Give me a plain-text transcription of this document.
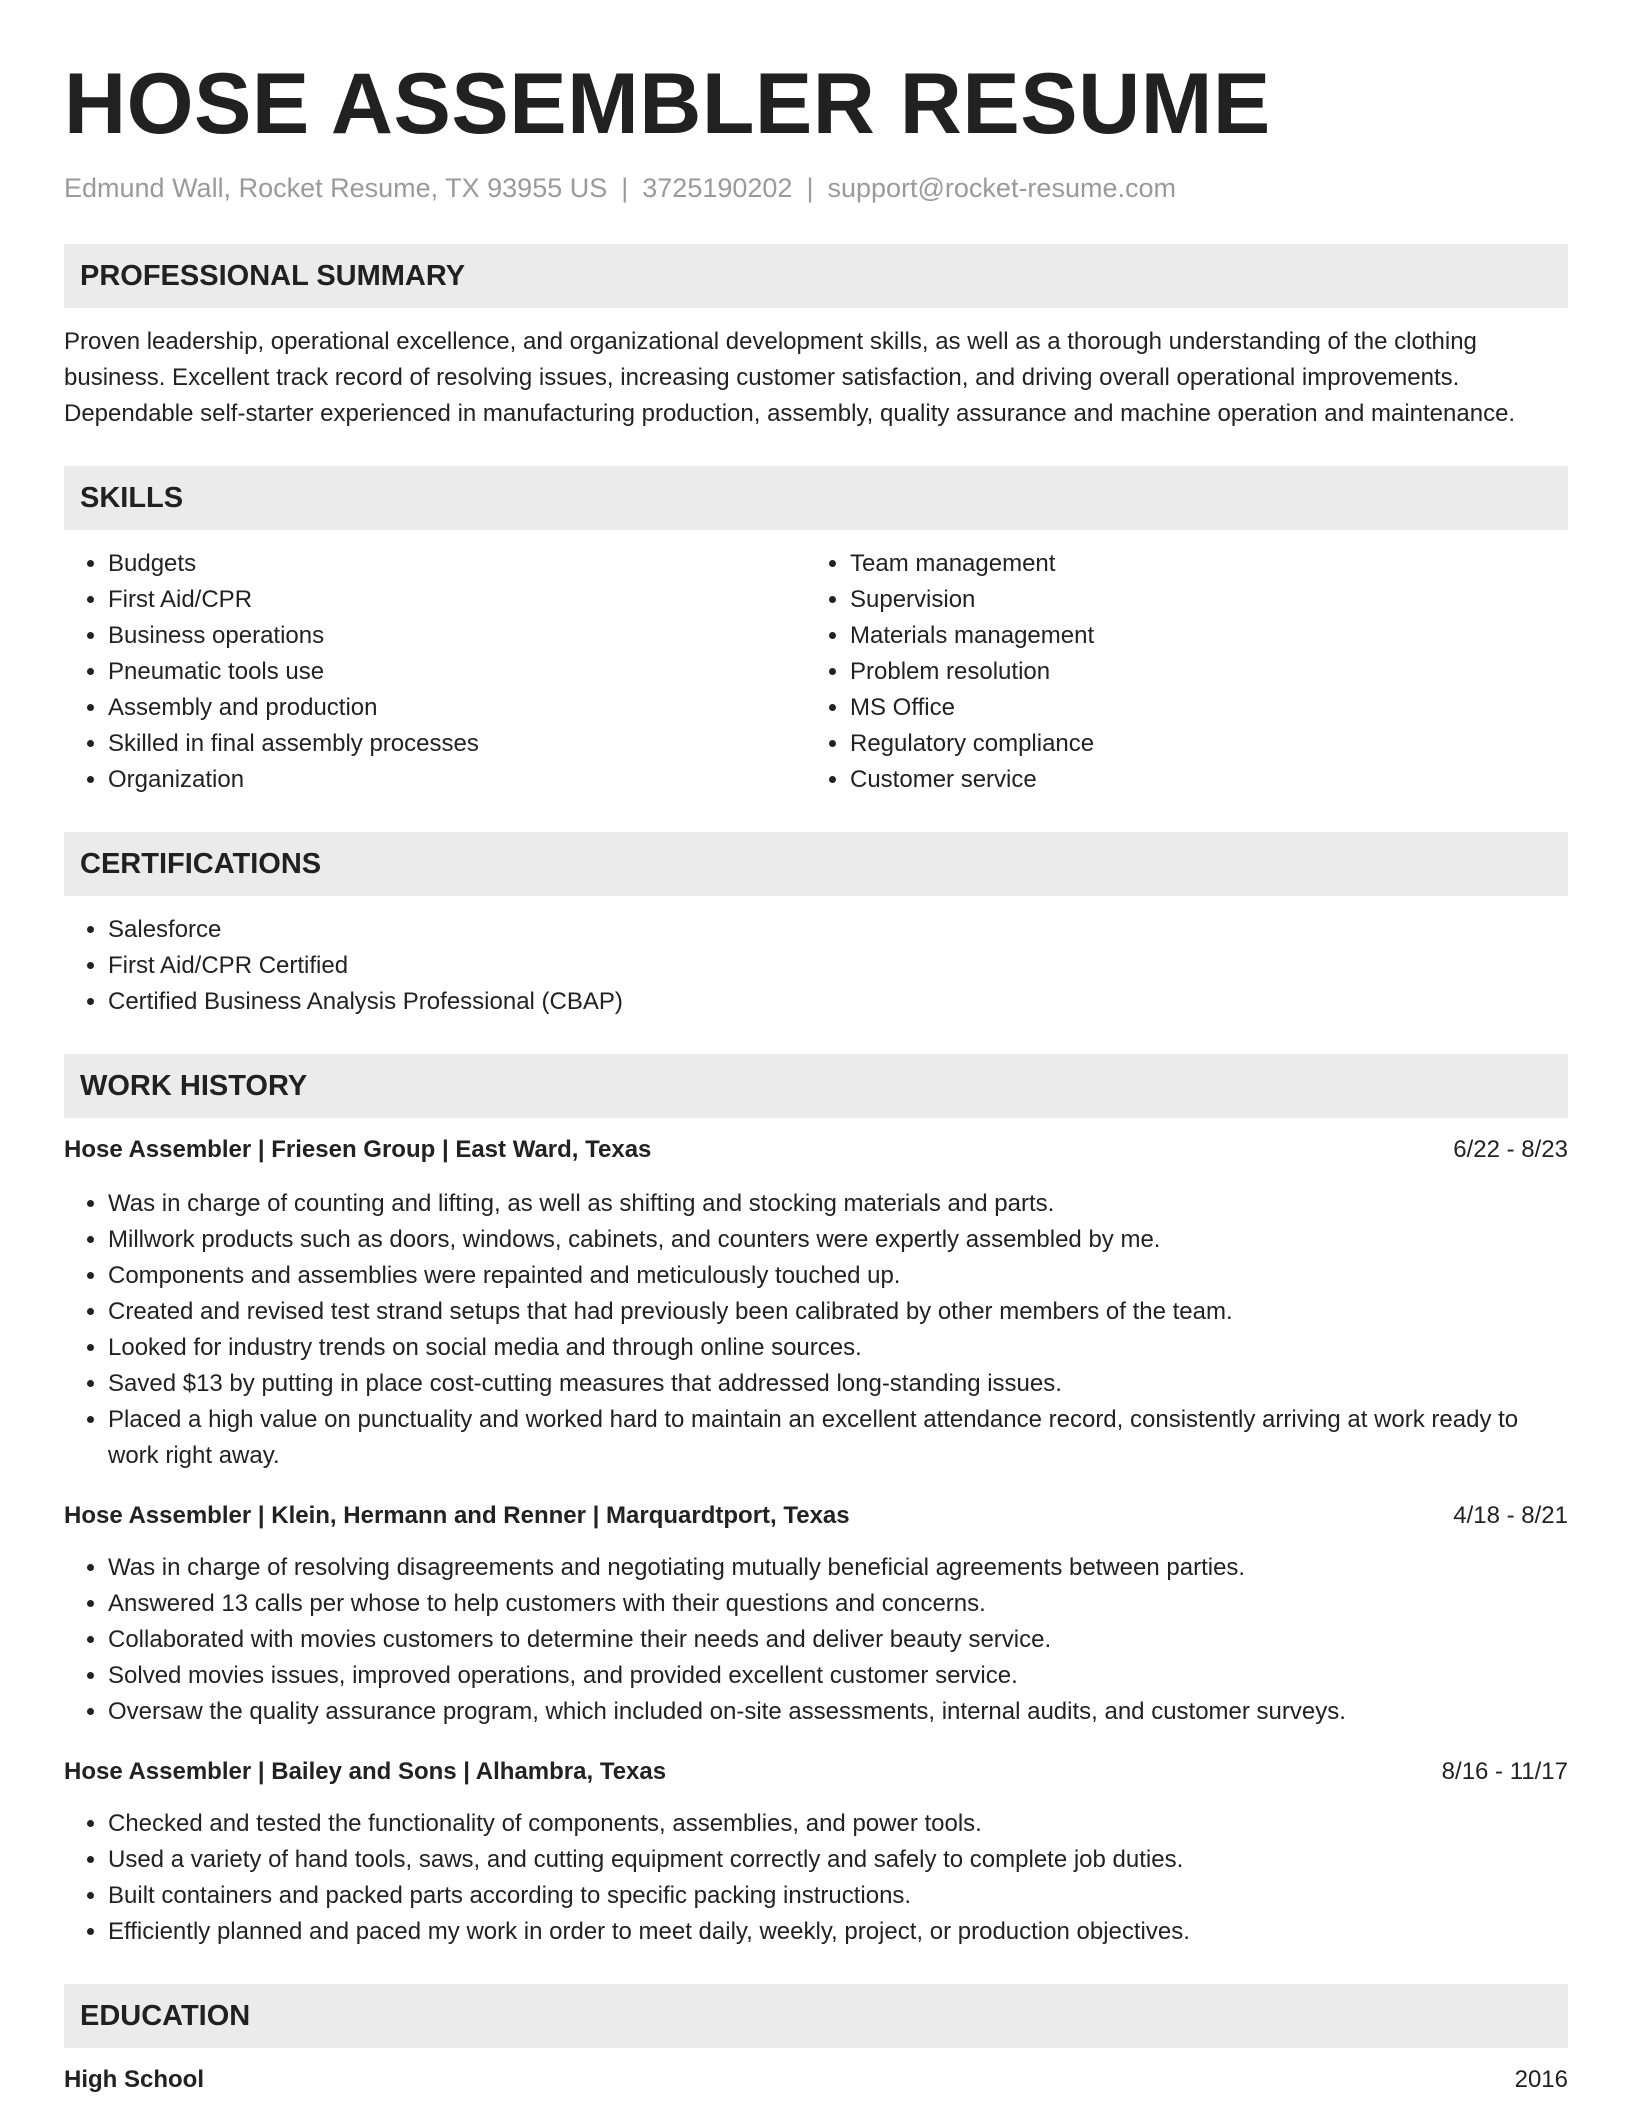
HOSE ASSEMBLER RESUME
Edmund Wall, Rocket Resume, TX 93955 US | 3725190202 | support@rocket-resume.com
PROFESSIONAL SUMMARY
Proven leadership, operational excellence, and organizational development skills, as well as a thorough understanding of the clothing
business. Excellent track record of resolving issues, increasing customer satisfaction, and driving overall operational improvements.
Dependable self-starter experienced in manufacturing production, assembly, quality assurance and machine operation and maintenance.
SKILLS
• Budgets
• First Aid/CPR
• Business operations
• Pneumatic tools use
• Assembly and production
• Skilled in final assembly processes
• Organization
• Team management
• Supervision
• Materials management
• Problem resolution
• MS Office
• Regulatory compliance
• Customer service
CERTIFICATIONS
• Salesforce
• First Aid/CPR Certified
• Certified Business Analysis Professional (CBAP)
WORK HISTORY
Hose Assembler | Friesen Group | East Ward, Texas	6/22 - 8/23
• Was in charge of counting and lifting, as well as shifting and stocking materials and parts.
• Millwork products such as doors, windows, cabinets, and counters were expertly assembled by me.
• Components and assemblies were repainted and meticulously touched up.
• Created and revised test strand setups that had previously been calibrated by other members of the team.
• Looked for industry trends on social media and through online sources.
• Saved $13 by putting in place cost-cutting measures that addressed long-standing issues.
• Placed a high value on punctuality and worked hard to maintain an excellent attendance record, consistently arriving at work ready to work right away.
Hose Assembler | Klein, Hermann and Renner | Marquardtport, Texas	4/18 - 8/21
• Was in charge of resolving disagreements and negotiating mutually beneficial agreements between parties.
• Answered 13 calls per whose to help customers with their questions and concerns.
• Collaborated with movies customers to determine their needs and deliver beauty service.
• Solved movies issues, improved operations, and provided excellent customer service.
• Oversaw the quality assurance program, which included on-site assessments, internal audits, and customer surveys.
Hose Assembler | Bailey and Sons | Alhambra, Texas	8/16 - 11/17
• Checked and tested the functionality of components, assemblies, and power tools.
• Used a variety of hand tools, saws, and cutting equipment correctly and safely to complete job duties.
• Built containers and packed parts according to specific packing instructions.
• Efficiently planned and paced my work in order to meet daily, weekly, project, or production objectives.
EDUCATION
High School	2016
